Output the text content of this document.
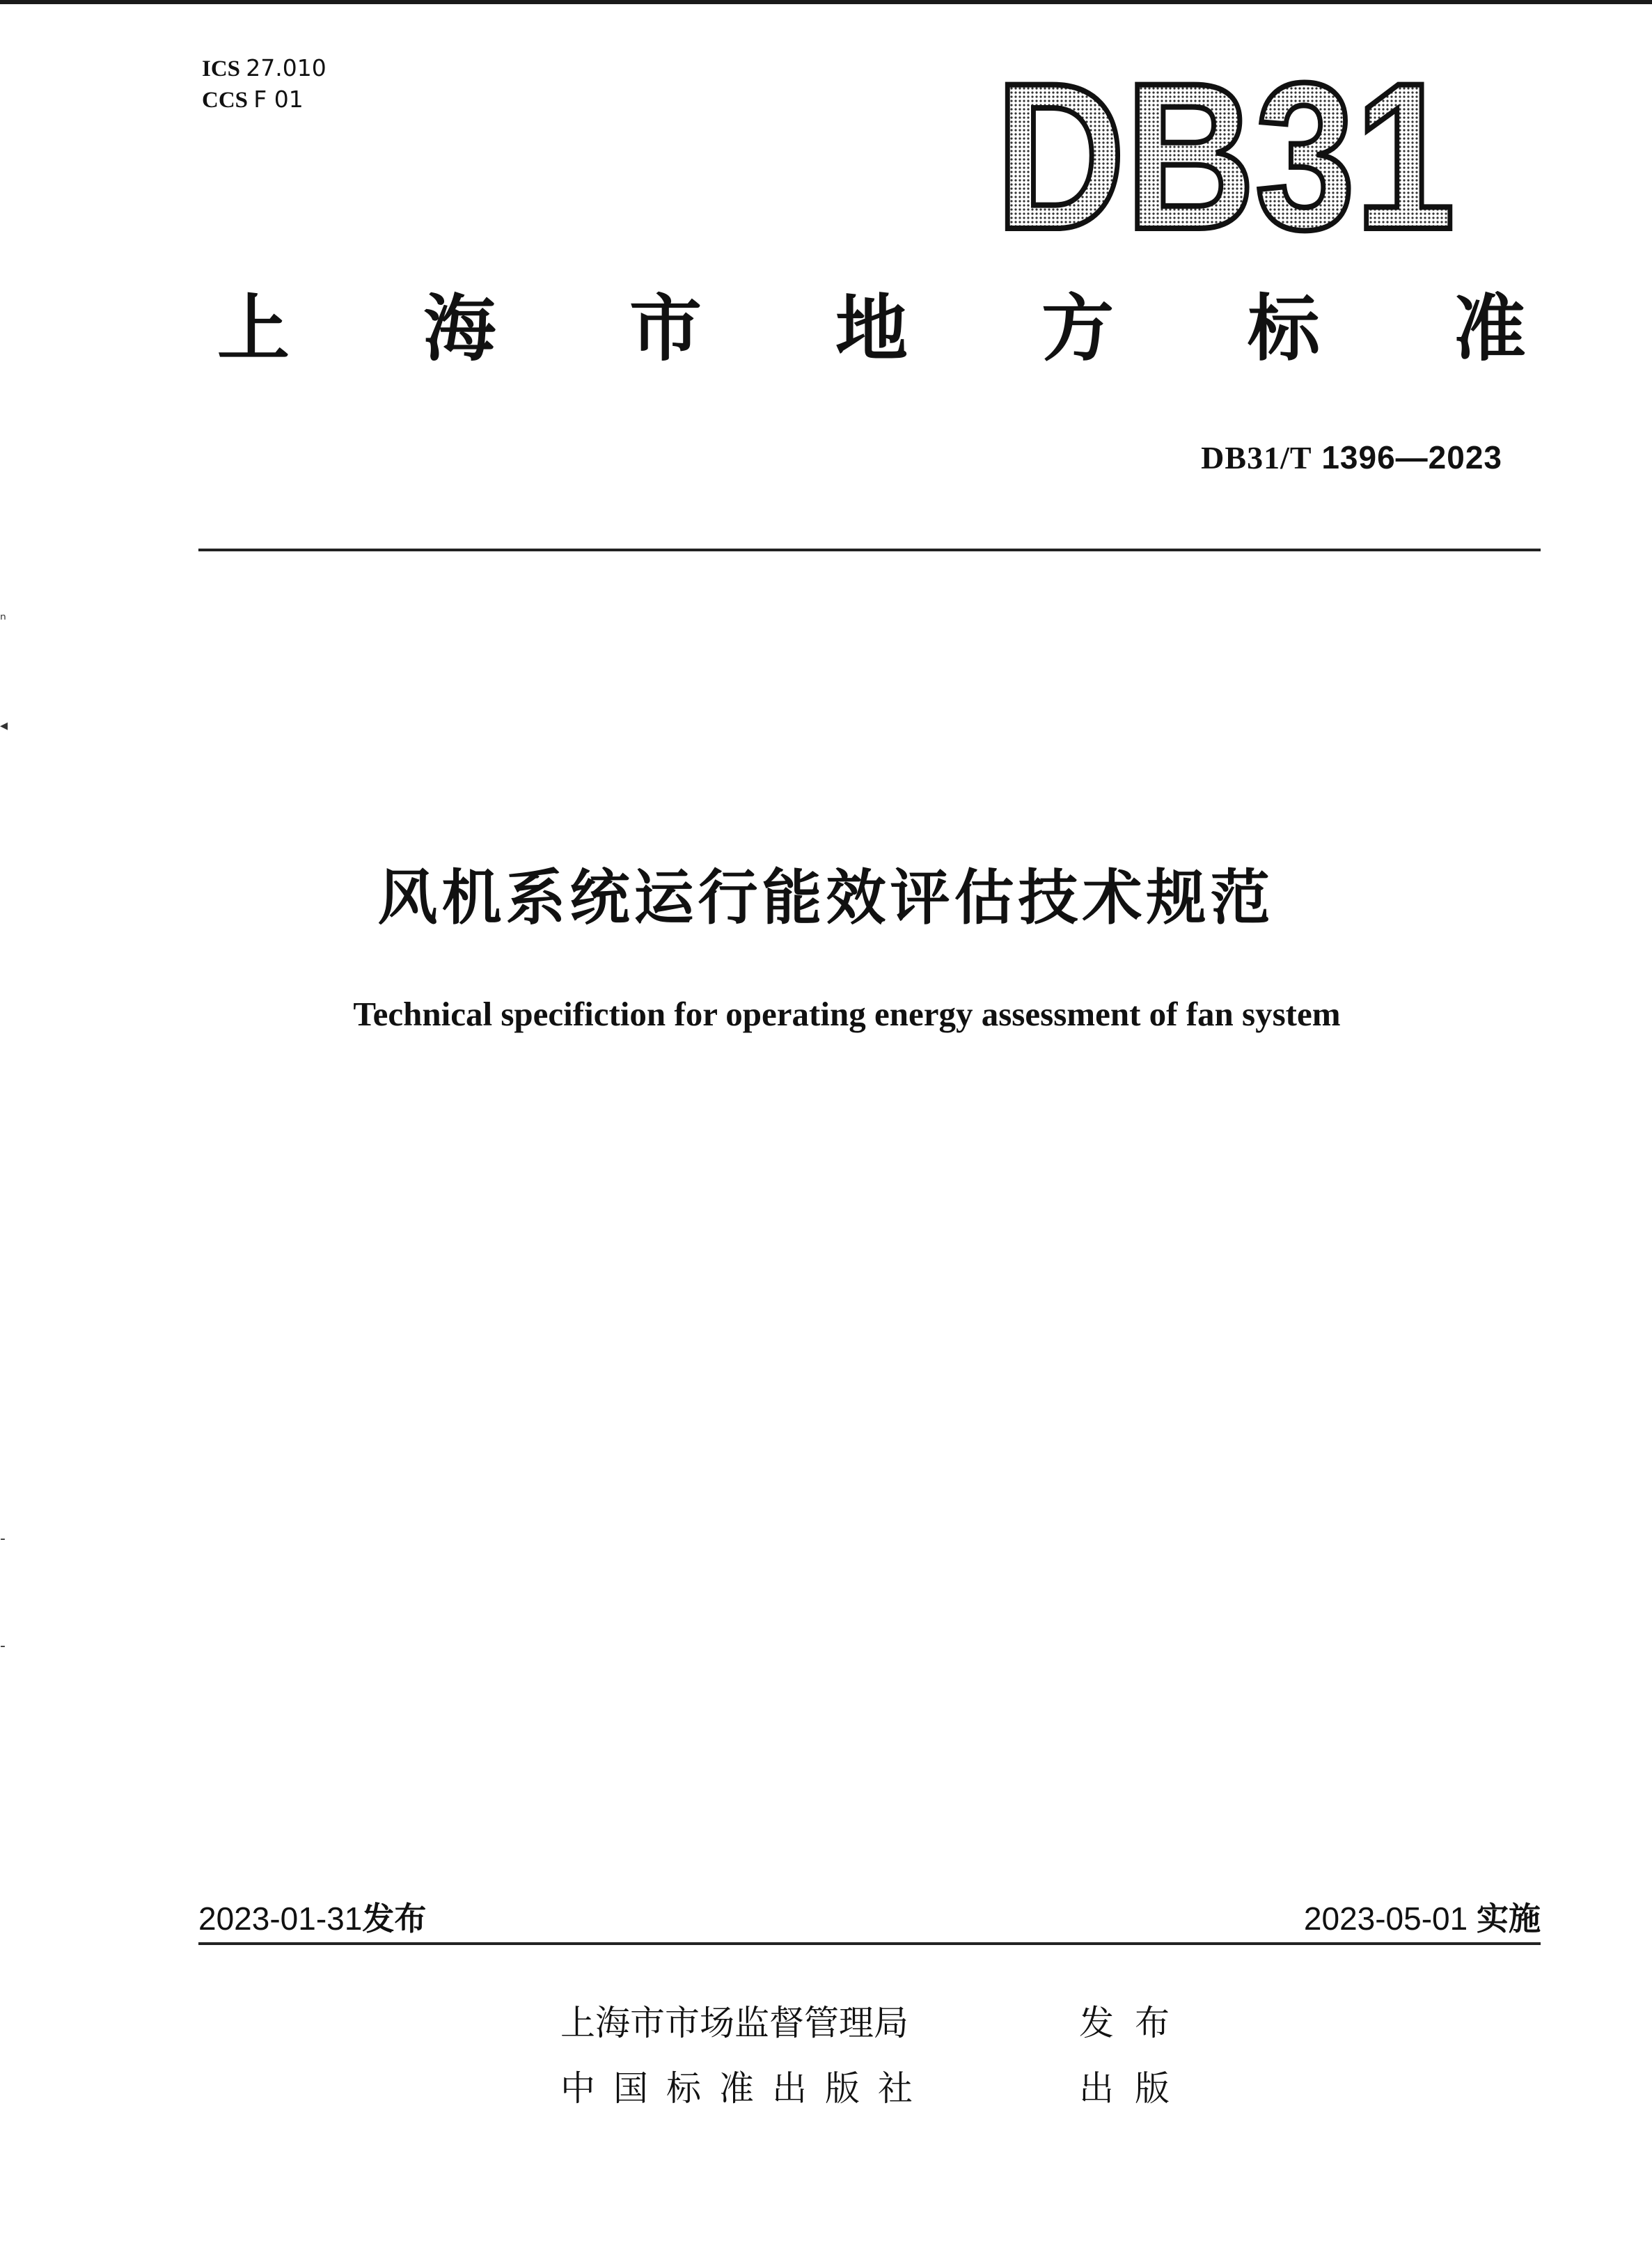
ICS 27.010
CCS F 01	DB31
上 海 市 地 方 标 准
DB31/T 1396—2023
ⁿ
◂
-
-
风机系统运行能效评估技术规范
Technical specifiction for operating energy assessment of fan system
2023-01-31发布	2023-05-01 实施
上海市市场监督管理局	发布
中国标准出版社	出版
